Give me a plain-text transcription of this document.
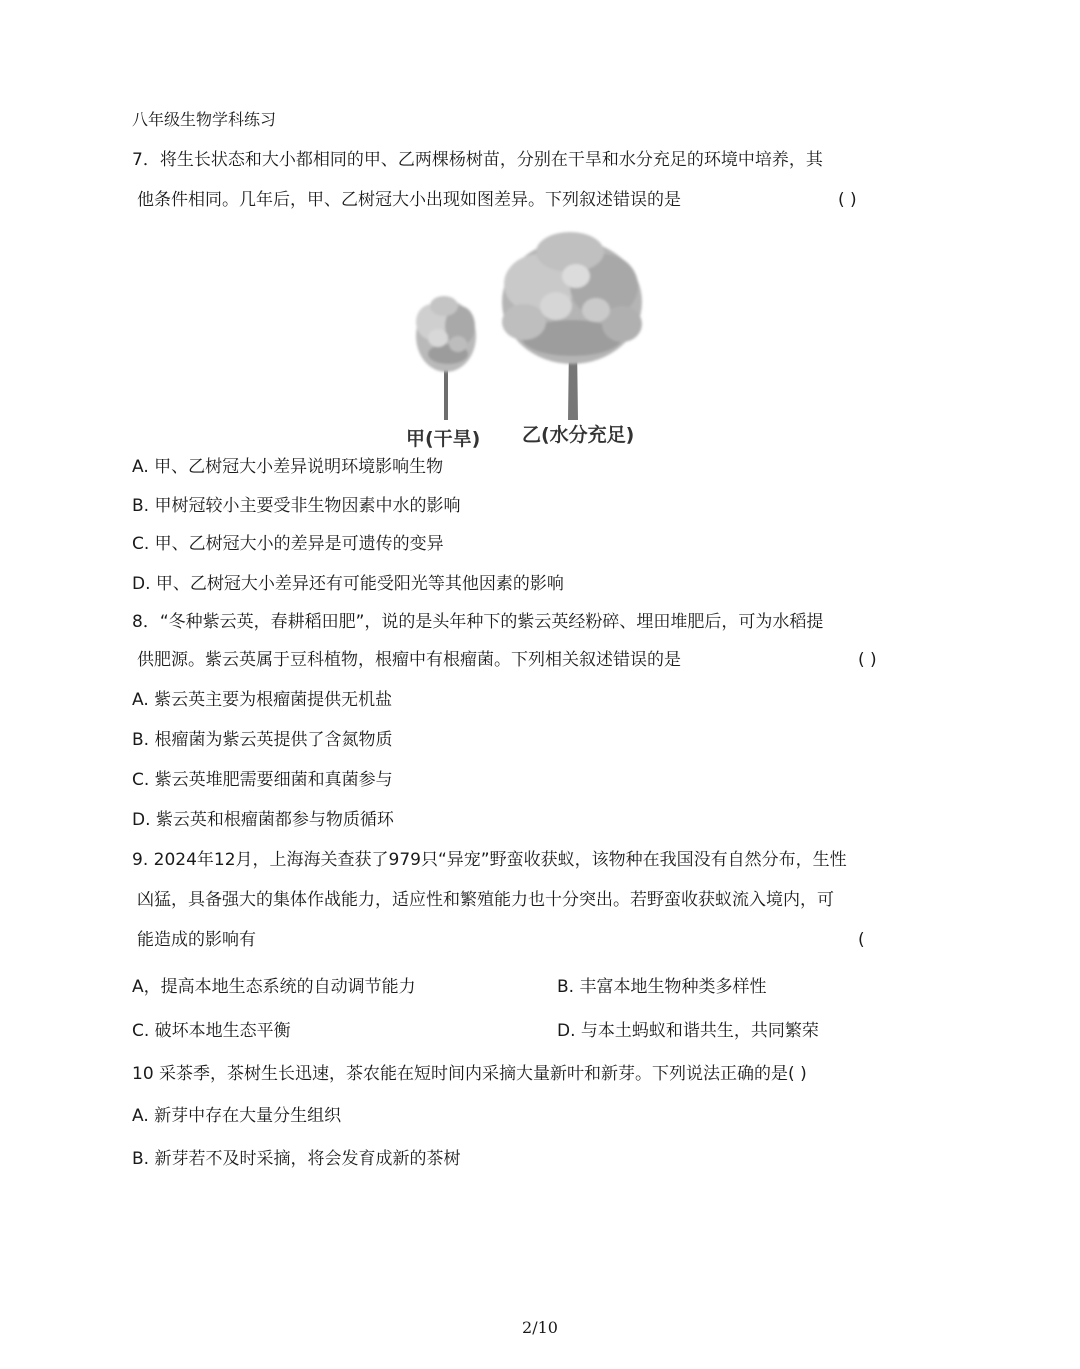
八年级生物学科练习
7．将生长状态和大小都相同的甲、乙两棵杨树苗，分别在干旱和水分充足的环境中培养，其
他条件相同。几年后，甲、乙树冠大小出现如图差异。下列叙述错误的是	( )
甲(干旱) 乙(水分充足)
A. 甲、乙树冠大小差异说明环境影响生物
B. 甲树冠较小主要受非生物因素中水的影响
C. 甲、乙树冠大小的差异是可遗传的变异
D. 甲、乙树冠大小差异还有可能受阳光等其他因素的影响
8．“冬种紫云英，春耕稻田肥”，说的是头年种下的紫云英经粉碎、埋田堆肥后，可为水稻提
供肥源。紫云英属于豆科植物，根瘤中有根瘤菌。下列相关叙述错误的是	( )
A. 紫云英主要为根瘤菌提供无机盐
B. 根瘤菌为紫云英提供了含氮物质
C. 紫云英堆肥需要细菌和真菌参与
D. 紫云英和根瘤菌都参与物质循环
9. 2024年12月，上海海关查获了979只“异宠”野蛮收获蚁，该物种在我国没有自然分布，生性
凶猛，具备强大的集体作战能力，适应性和繁殖能力也十分突出。若野蛮收获蚁流入境内，可
能造成的影响有	(
A，提高本地生态系统的自动调节能力	B. 丰富本地生物种类多样性
C. 破坏本地生态平衡	D. 与本土蚂蚁和谐共生，共同繁荣
10 采茶季，茶树生长迅速，茶农能在短时间内采摘大量新叶和新芽。下列说法正确的是( )
A. 新芽中存在大量分生组织
B. 新芽若不及时采摘，将会发育成新的茶树
2/10
